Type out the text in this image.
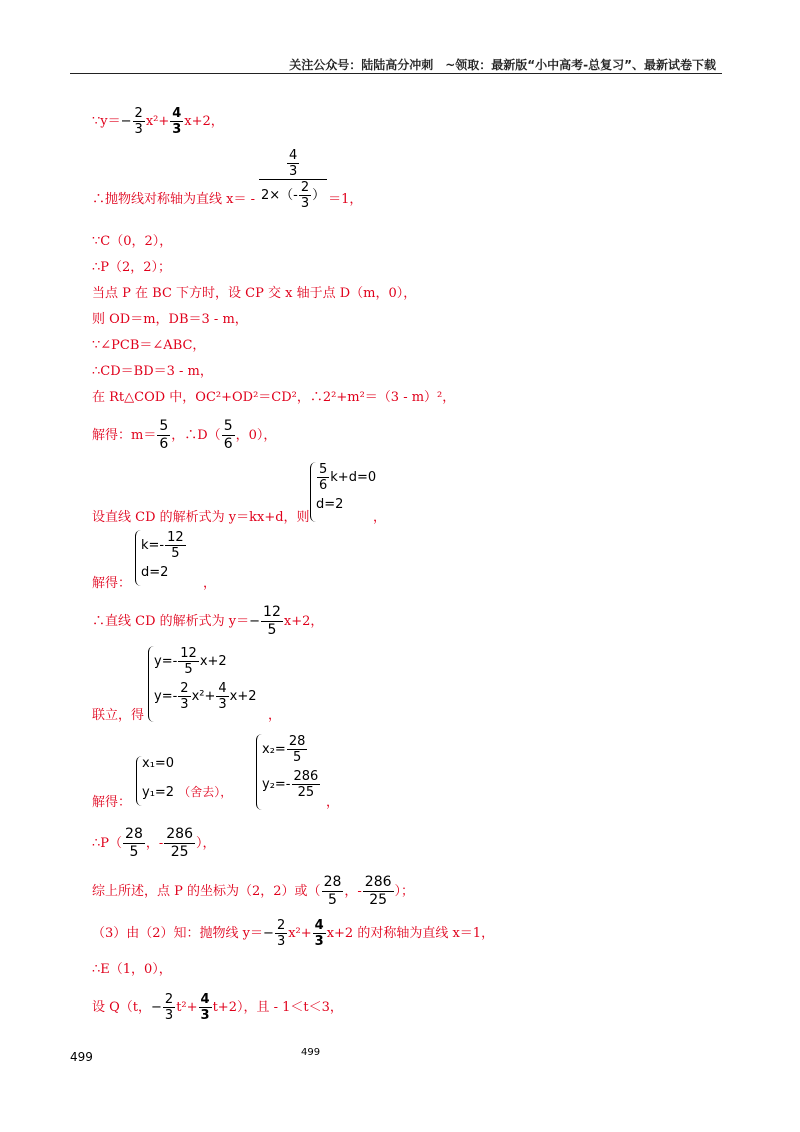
关注公众号：陆陆高分冲刺　~领取：最新版“小中高考-总复习”、最新试卷下载
∵y＝− $\frac{2}{3} x^2+ \frac{4}{3} x+2$，
∴抛物线对称轴为直线 $x= - \frac{\frac{4}{3}}{2\times(- \frac{2}{3} )} =1$，
∵C（0，2），
∴P（2，2）；
当点 P 在 BC 下方时，设 CP 交 x 轴于点 D（m，0），
则 OD＝m，DB＝3 - m，
∵∠PCB＝∠ABC，
∴CD＝BD＝3 - m，
在 Rt△COD 中，OC²+OD²＝CD²，∴2²+m²＝（3 - m）²，
解得：$m= \frac{5}{6}$ ，∴D（ $\frac{5}{6}$ ，0），
设直线 CD 的解析式为 y＝kx+d，则
$\frac{5}{6} k+d=0$
d=2
，
解得：
$k=- \frac{12}{5}$
d=2
，
∴直线 CD 的解析式为 $y=- \frac{12}{5} x+2$，
联立，得
$y=- \frac{12}{5} x+2$
$y=- \frac{2}{3} x^2+ \frac{4}{3} x+2$
，
解得：
x₁=0
y₁=2 （舍去），
$x_2= \frac{28}{5}$
$y_2=- \frac{286}{25}$
，
∴P（ $\frac{28}{5}$ ，- $\frac{286}{25}$ ），
综上所述，点 P 的坐标为（2，2）或（ $\frac{28}{5}$ ，- $\frac{286}{25}$ ）；
（3）由（2）知：抛物线 $y=- \frac{2}{3} x^2+ \frac{4}{3} x+2$ 的对称轴为直线 x＝1，
∴E（1，0），
设 Q（t，− $\frac{2}{3} t^2+ \frac{4}{3} t+2$），且 - 1＜t＜3，
499	499
